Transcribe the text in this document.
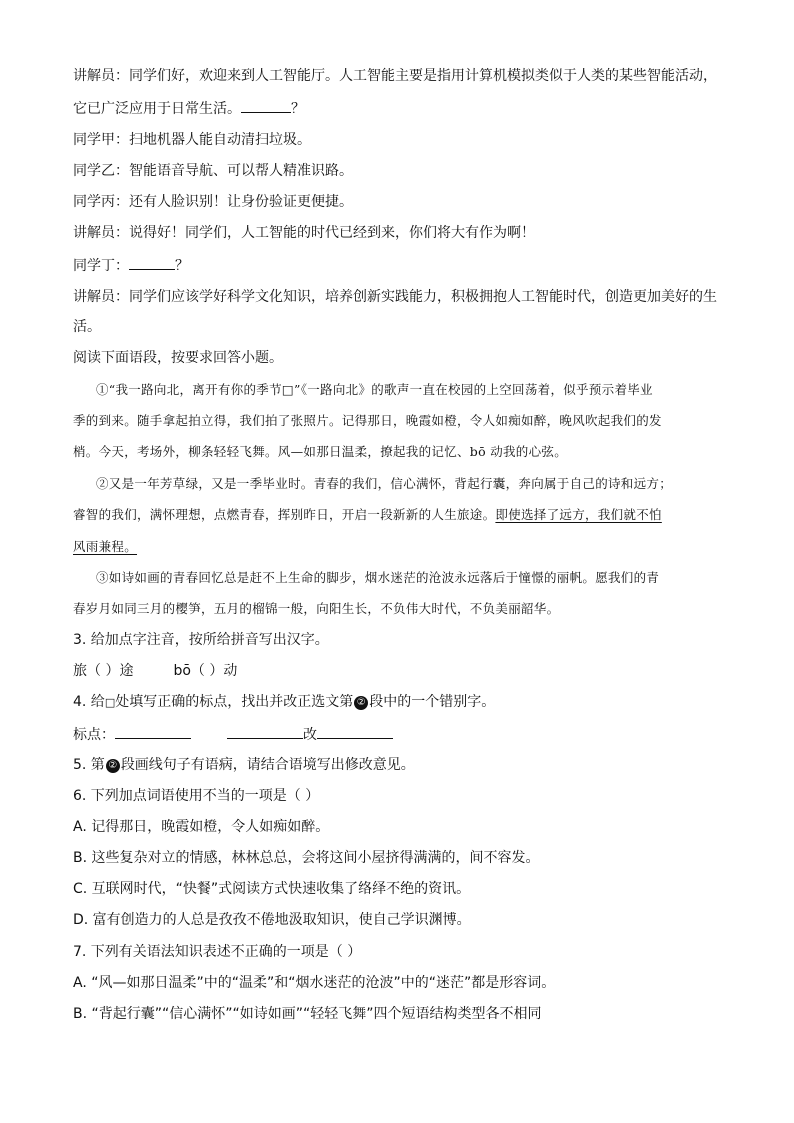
讲解员：同学们好，欢迎来到人工智能厅。人工智能主要是指用计算机模拟类似于人类的某些智能活动，
它已广泛应用于日常生活。	？
同学甲：扫地机器人能自动清扫垃圾。
同学乙：智能语音导航、可以帮人精准识路。
同学丙：还有人脸识别！让身份验证更便捷。
讲解员：说得好！同学们，人工智能的时代已经到来，你们将大有作为啊！
同学丁：	？
讲解员：同学们应该学好科学文化知识，培养创新实践能力，积极拥抱人工智能时代，创造更加美好的生
活。
阅读下面语段，按要求回答小题。
①“我一路向北，离开有你的季节□”《一路向北》的歌声一直在校园的上空回荡着，似乎预示着毕业
季的到来。随手拿起拍立得，我们拍了张照片。记得那日，晚霞如橙，令人如痴如醉，晚风吹起我们的发
梢。今天，考场外，柳条轻轻飞舞。风—如那日温柔，撩起我的记忆、bō 动我的心弦。
②又是一年芳草绿，又是一季毕业时。青春的我们，信心满怀，背起行囊，奔向属于自己的诗和远方；
睿智的我们，满怀理想，点燃青春，挥别昨日，开启一段新新的人生旅途。即使选择了远方，我们就不怕
风雨兼程。
③如诗如画的青春回忆总是赶不上生命的脚步，烟水迷茫的沧波永远落后于憧憬的丽帆。愿我们的青
春岁月如同三月的樱笋，五月的榴锦一般，向阳生长，不负伟大时代，不负美丽韶华。
3. 给加点字注音，按所给拼音写出汉字。
旅（ ）途	bō（ ）动
4. 给□处填写正确的标点，找出并改正选文第 ② 段中的一个错别字。
标点：	改
5. 第 ② 段画线句子有语病，请结合语境写出修改意见。
6. 下列加点词语使用不当的一项是（ ）
A. 记得那日，晚霞如橙，令人如痴如醉。
B. 这些复杂对立的情感，林林总总，会将这间小屋挤得满满的，间不容发。
C. 互联网时代，“快餐”式阅读方式快速收集了络绎不绝的资讯。
D. 富有创造力的人总是孜孜不倦地汲取知识，使自己学识渊博。
7. 下列有关语法知识表述不正确的一项是（ ）
A. “风—如那日温柔”中的“温柔”和“烟水迷茫的沧波”中的“迷茫”都是形容词。
B. “背起行囊”“信心满怀”“如诗如画”“轻轻飞舞”四个短语结构类型各不相同
